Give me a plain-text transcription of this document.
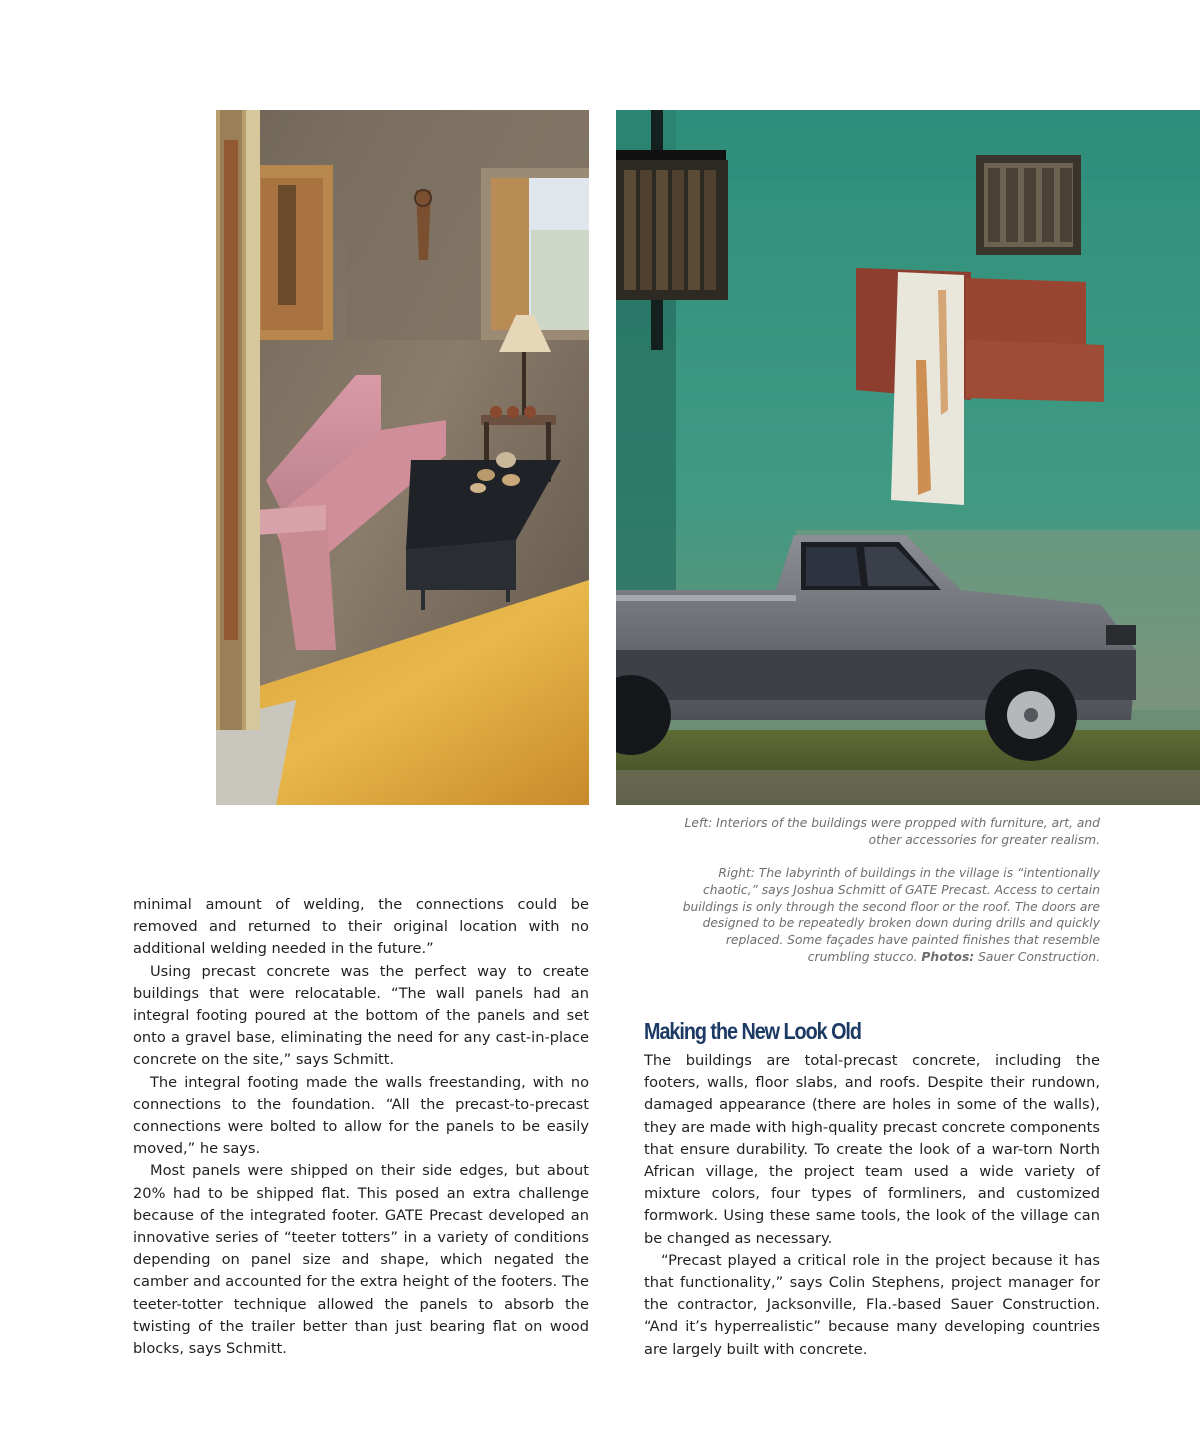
Left: Interiors of the buildings were propped with furniture, art, and other accessories for greater realism.

Right: The labyrinth of buildings in the village is “intentionally chaotic,” says Joshua Schmitt of GATE Precast. Access to certain buildings is only through the second floor or the roof. The doors are designed to be repeatedly broken down during drills and quickly replaced. Some façades have painted finishes that resemble crumbling stucco. Photos: Sauer Construction.

minimal amount of welding, the connections could be removed and returned to their original location with no additional welding needed in the future.”

Using precast concrete was the perfect way to create buildings that were relocatable. “The wall panels had an integral footing poured at the bottom of the panels and set onto a gravel base, eliminating the need for any cast-in-place concrete on the site,” says Schmitt.

The integral footing made the walls freestanding, with no connections to the foundation. “All the precast-to-precast connections were bolted to allow for the panels to be easily moved,” he says.

Most panels were shipped on their side edges, but about 20% had to be shipped flat. This posed an extra challenge because of the integrated footer. GATE Precast developed an innovative series of “teeter totters” in a variety of conditions depending on panel size and shape, which negated the camber and accounted for the extra height of the footers. The teeter-totter technique allowed the panels to absorb the twisting of the trailer better than just bearing flat on wood blocks, says Schmitt.

Making the New Look Old

The buildings are total-precast concrete, including the footers, walls, floor slabs, and roofs. Despite their rundown, damaged appearance (there are holes in some of the walls), they are made with high-quality precast concrete components that ensure durability. To create the look of a war-torn North African village, the project team used a wide variety of mixture colors, four types of formliners, and customized formwork. Using these same tools, the look of the village can be changed as necessary.

“Precast played a critical role in the project because it has that functionality,” says Colin Stephens, project manager for the contractor, Jacksonville, Fla.-based Sauer Construction. “And it’s hyperrealistic” because many developing countries are largely built with concrete.
